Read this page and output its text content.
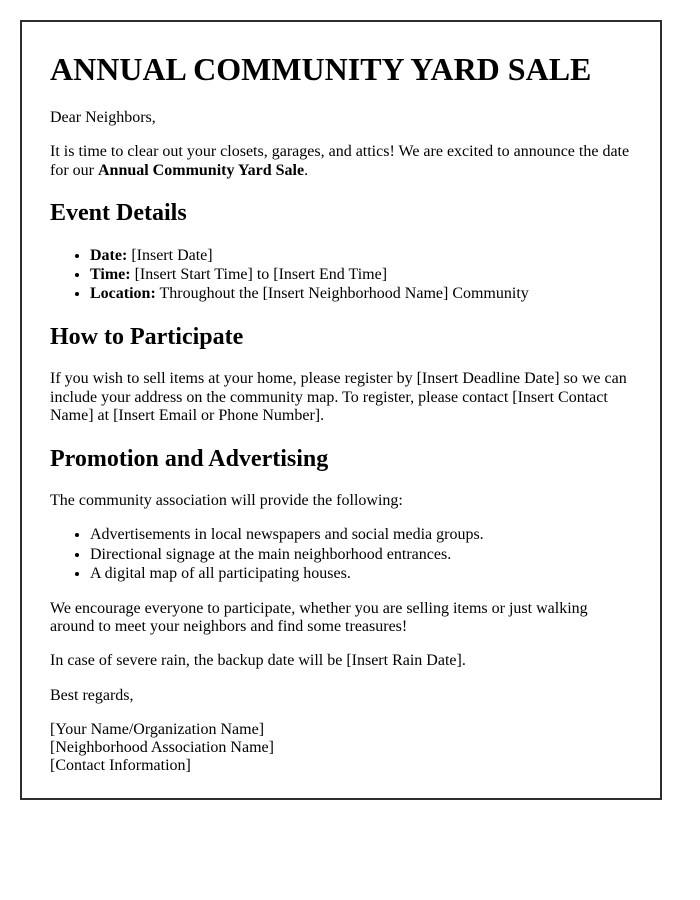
ANNUAL COMMUNITY YARD SALE

Dear Neighbors,

It is time to clear out your closets, garages, and attics! We are excited to announce the date for our Annual Community Yard Sale.

Event Details
• Date: [Insert Date]
• Time: [Insert Start Time] to [Insert End Time]
• Location: Throughout the [Insert Neighborhood Name] Community
How to Participate

If you wish to sell items at your home, please register by [Insert Deadline Date] so we can include your address on the community map. To register, please contact [Insert Contact Name] at [Insert Email or Phone Number].

Promotion and Advertising

The community association will provide the following:

• Advertisements in local newspapers and social media groups.
• Directional signage at the main neighborhood entrances.
• A digital map of all participating houses.

We encourage everyone to participate, whether you are selling items or just walking around to meet your neighbors and find some treasures!

In case of severe rain, the backup date will be [Insert Rain Date].

Best regards,

[Your Name/Organization Name]
[Neighborhood Association Name]
[Contact Information]
